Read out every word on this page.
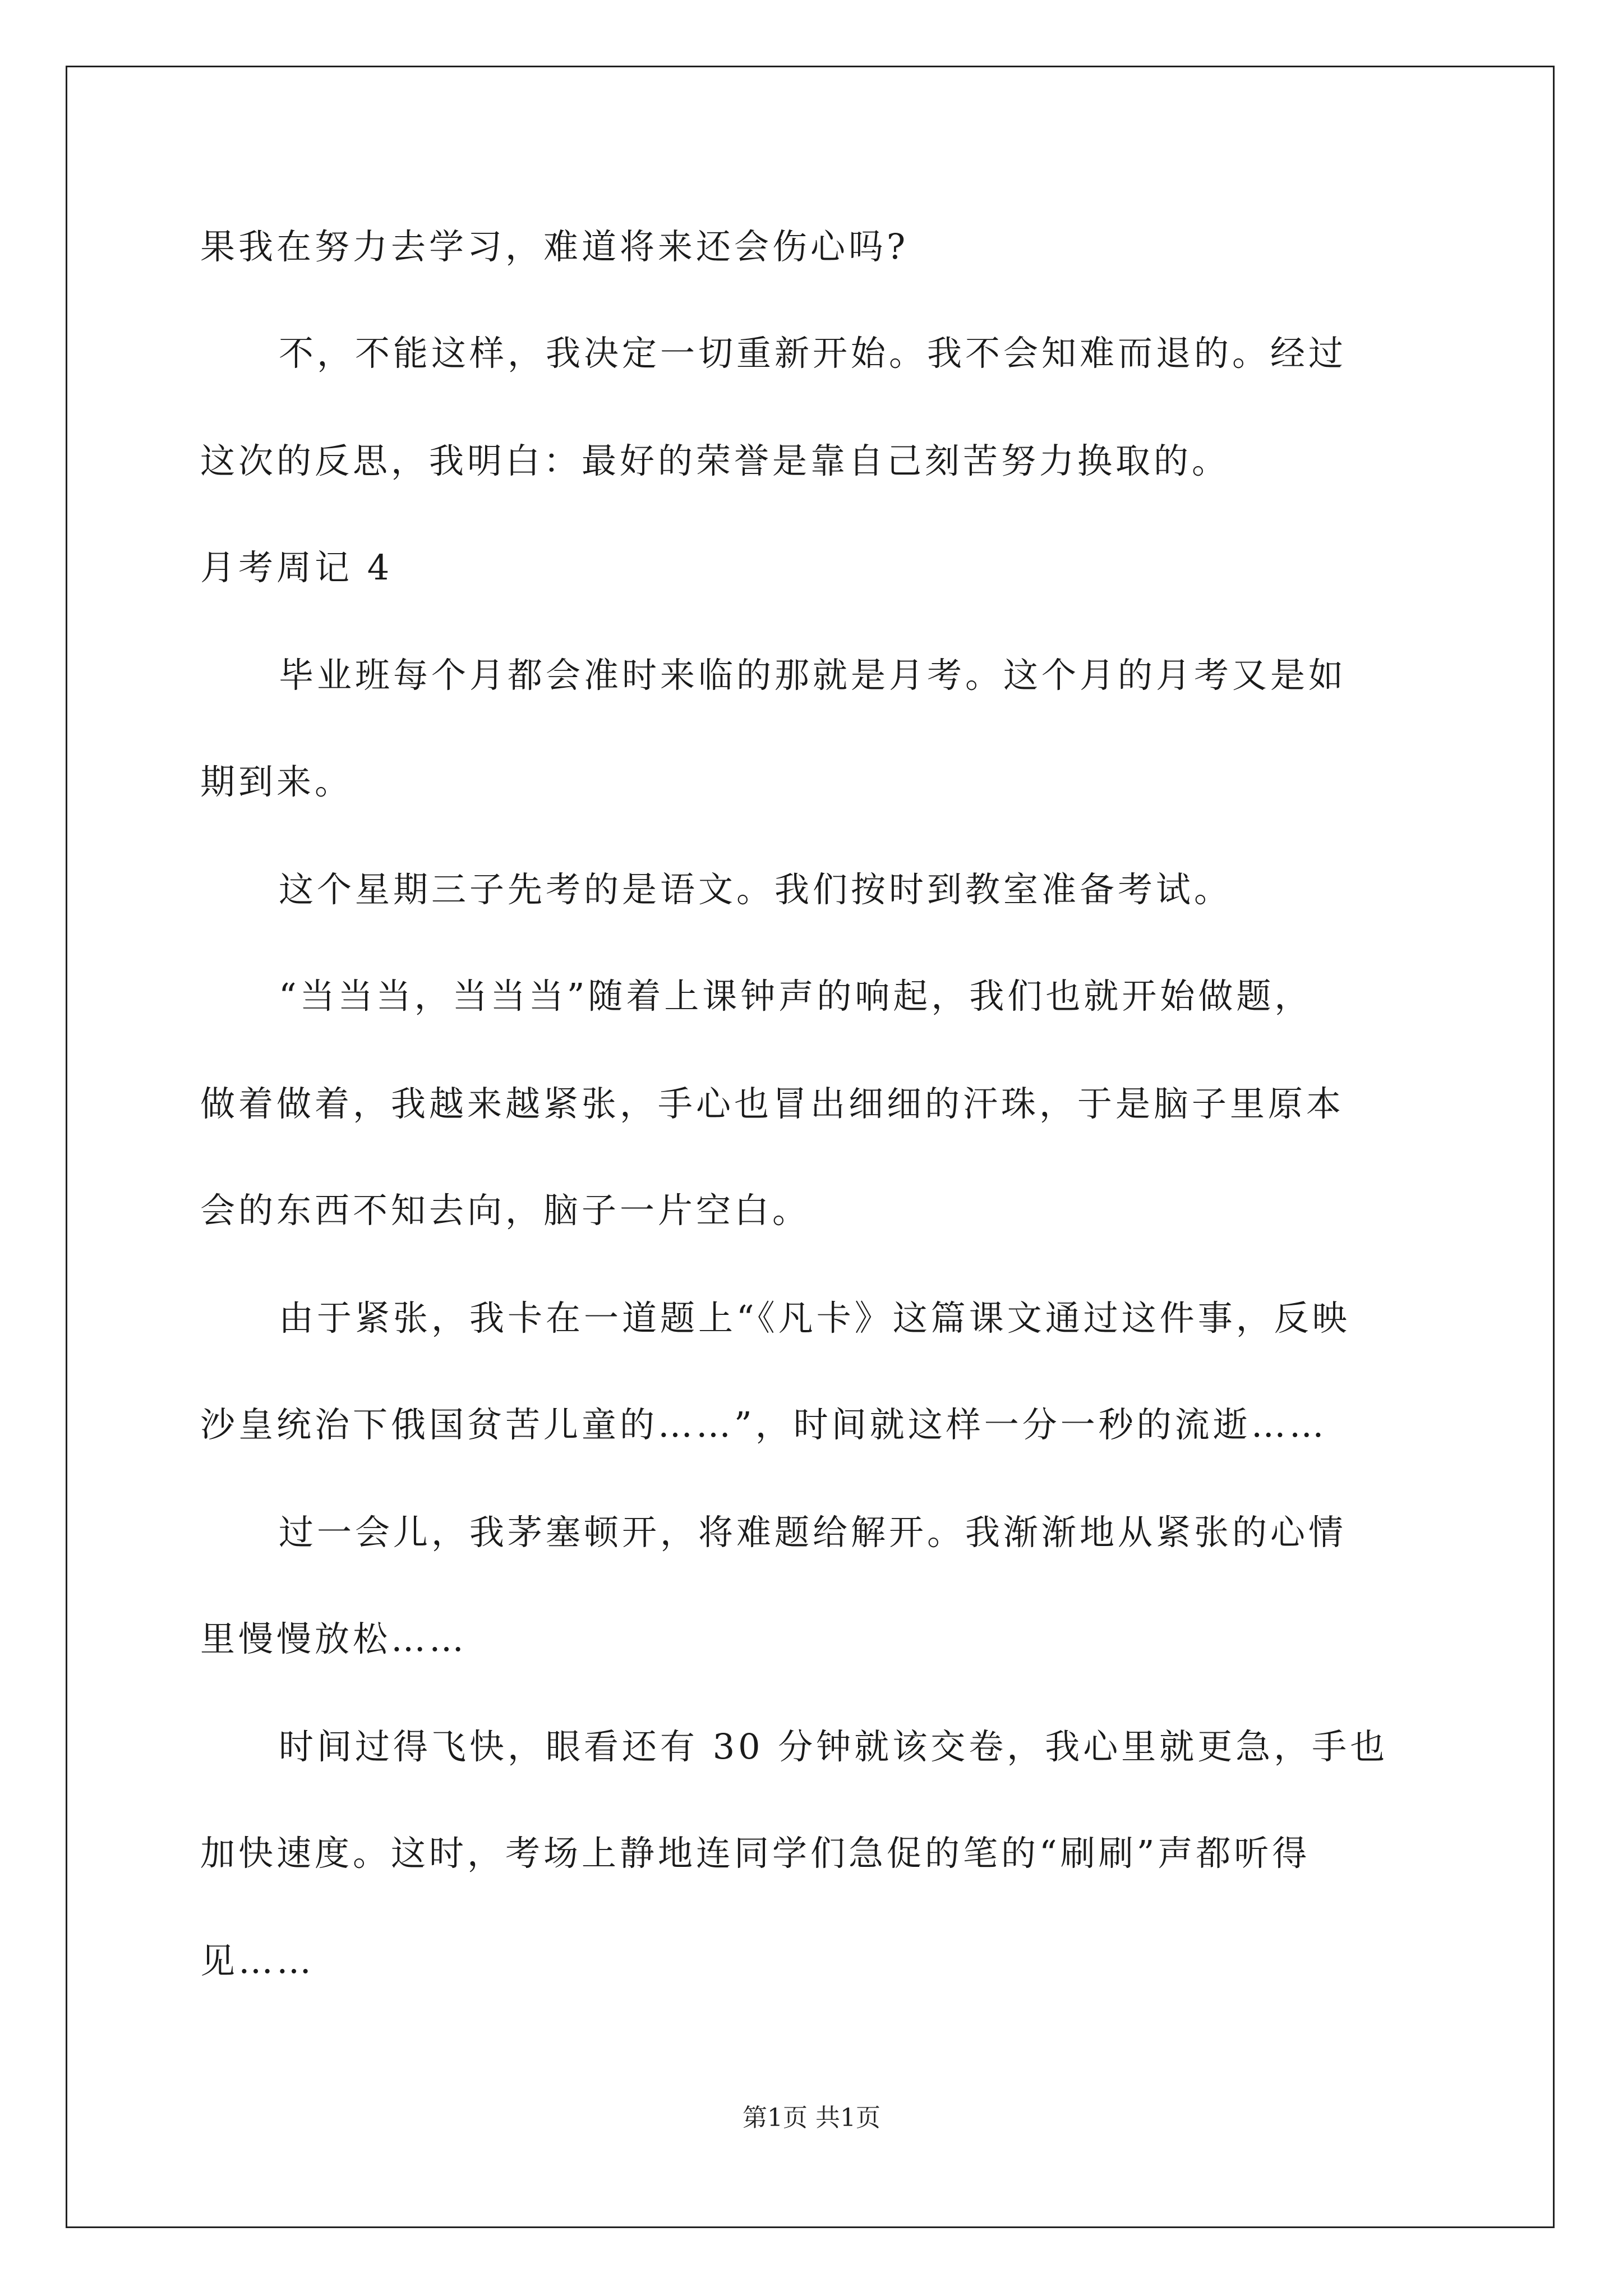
果我在努力去学习，难道将来还会伤心吗?
不，不能这样，我决定一切重新开始。我不会知难而退的。经过
这次的反思，我明白：最好的荣誉是靠自己刻苦努力换取的。
月考周记 4
毕业班每个月都会准时来临的那就是月考。这个月的月考又是如
期到来。
这个星期三子先考的是语文。我们按时到教室准备考试。
“当当当，当当当”随着上课钟声的响起，我们也就开始做题，
做着做着，我越来越紧张，手心也冒出细细的汗珠，于是脑子里原本
会的东西不知去向，脑子一片空白。
由于紧张，我卡在一道题上“《凡卡》这篇课文通过这件事，反映
沙皇统治下俄国贫苦儿童的……”，时间就这样一分一秒的流逝……
过一会儿，我茅塞顿开，将难题给解开。我渐渐地从紧张的心情
里慢慢放松……
时间过得飞快，眼看还有 30 分钟就该交卷，我心里就更急，手也
加快速度。这时，考场上静地连同学们急促的笔的“刷刷”声都听得
见……
第1页 共1页
